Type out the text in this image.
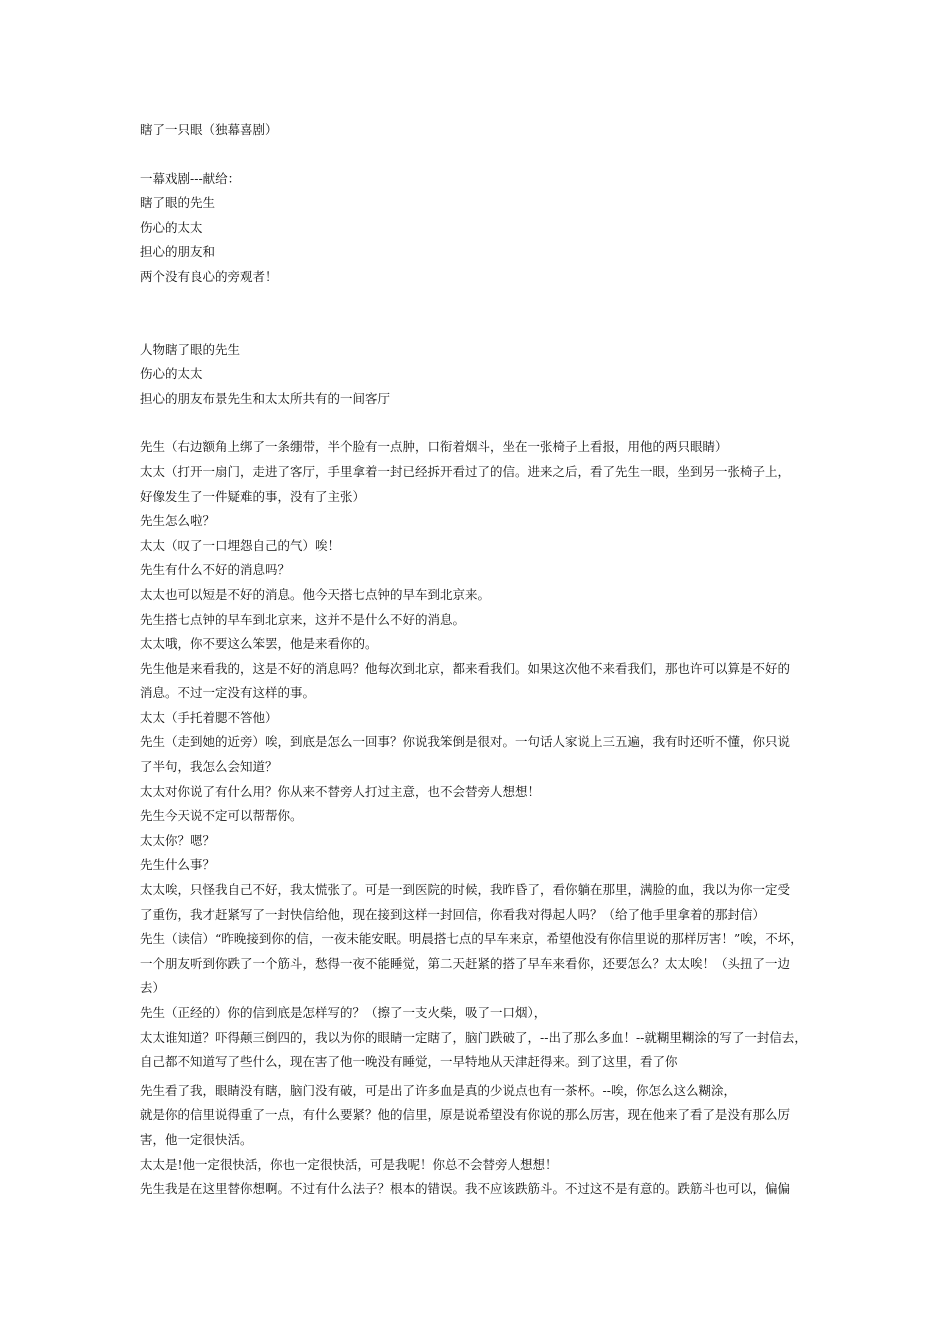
瞎了一只眼（独幕喜剧）
一幕戏剧---献给：
瞎了眼的先生
伤心的太太
担心的朋友和
两个没有良心的旁观者！
人物瞎了眼的先生
伤心的太太
担心的朋友布景先生和太太所共有的一间客厅
先生（右边额角上绑了一条绷带，半个脸有一点肿，口衔着烟斗，坐在一张椅子上看报，用他的两只眼睛）
太太（打开一扇门，走进了客厅，手里拿着一封已经拆开看过了的信。进来之后，看了先生一眼，坐到另一张椅子上，
好像发生了一件疑难的事，没有了主张）
先生怎么啦？
太太（叹了一口埋怨自己的气）唉！
先生有什么不好的消息吗？
太太也可以短是不好的消息。他今天搭七点钟的早车到北京来。
先生搭七点钟的早车到北京来，这并不是什么不好的消息。
太太哦，你不要这么笨罢，他是来看你的。
先生他是来看我的，这是不好的消息吗？他每次到北京，都来看我们。如果这次他不来看我们，那也许可以算是不好的
消息。不过一定没有这样的事。
太太（手托着腮不答他）
先生（走到她的近旁）唉，到底是怎么一回事？你说我笨倒是很对。一句话人家说上三五遍，我有时还听不懂，你只说
了半句，我怎么会知道？
太太对你说了有什么用？你从来不替旁人打过主意，也不会替旁人想想！
先生今天说不定可以帮帮你。
太太你？嗯？
先生什么事？
太太唉，只怪我自己不好，我太慌张了。可是一到医院的时候，我昨昏了，看你躺在那里，满脸的血，我以为你一定受
了重伤，我才赶紧写了一封快信给他，现在接到这样一封回信，你看我对得起人吗？（给了他手里拿着的那封信）
先生（读信）“昨晚接到你的信，一夜未能安眠。明晨搭七点的早车来京，希望他没有你信里说的那样厉害！”唉，不坏，
一个朋友听到你跌了一个筋斗，愁得一夜不能睡觉，第二天赶紧的搭了早车来看你，还要怎么？太太唉！（头扭了一边
去）
先生（正经的）你的信到底是怎样写的？（擦了一支火柴，吸了一口烟），
太太谁知道？吓得颠三倒四的，我以为你的眼睛一定瞎了，脑门跌破了，--出了那么多血！--就糊里糊涂的写了一封信去，
自己都不知道写了些什么，现在害了他一晚没有睡觉，一早特地从天津赶得来。到了这里，看了你
先生看了我，眼睛没有瞎，脑门没有破，可是出了许多血是真的少说点也有一茶杯。--唉，你怎么这么糊涂，
就是你的信里说得重了一点，有什么要紧？他的信里，原是说希望没有你说的那么厉害，现在他来了看了是没有那么厉
害，他一定很快活。
太太是!他一定很快活，你也一定很快活，可是我呢！你总不会替旁人想想！
先生我是在这里替你想啊。不过有什么法子？根本的错误。我不应该跌筋斗。不过这不是有意的。跌筋斗也可以，偏偏
